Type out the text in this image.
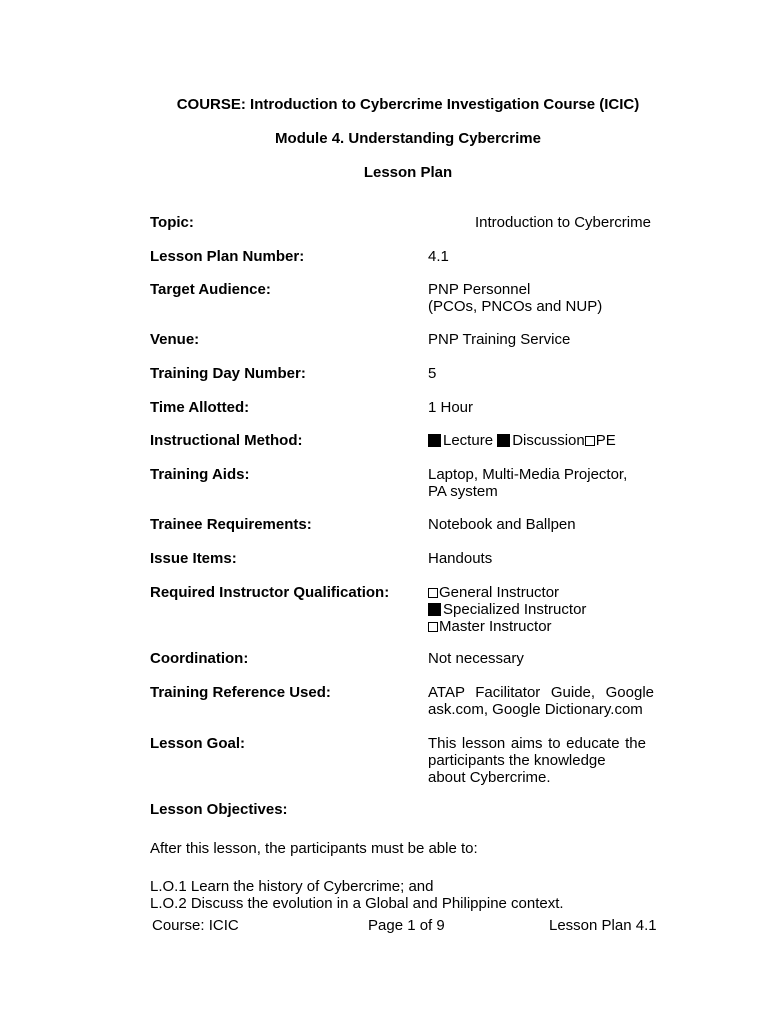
COURSE: Introduction to Cybercrime Investigation Course (ICIC)
Module 4. Understanding Cybercrime
Lesson Plan
Topic:	Introduction to Cybercrime
Lesson Plan Number:	4.1
Target Audience:	PNP Personnel
(PCOs, PNCOs and NUP)
Venue:	PNP Training Service
Training Day Number:	5
Time Allotted:	1 Hour
Instructional Method:	Lecture Discussion PE
Training Aids:	Laptop, Multi-Media Projector,
PA system
Trainee Requirements:	Notebook and Ballpen
Issue Items:	Handouts
Required Instructor Qualification:	General Instructor
Specialized Instructor
Master Instructor
Coordination:	Not necessary
Training Reference Used:	ATAP Facilitator Guide, Google
ask.com, Google Dictionary.com
Lesson Goal:	This lesson aims to educate the
participants the knowledge
about Cybercrime.
Lesson Objectives:
After this lesson, the participants must be able to:
L.O.1 Learn the history of Cybercrime; and
L.O.2 Discuss the evolution in a Global and Philippine context.
Course: ICIC	Page 1 of 9	Lesson Plan 4.1
